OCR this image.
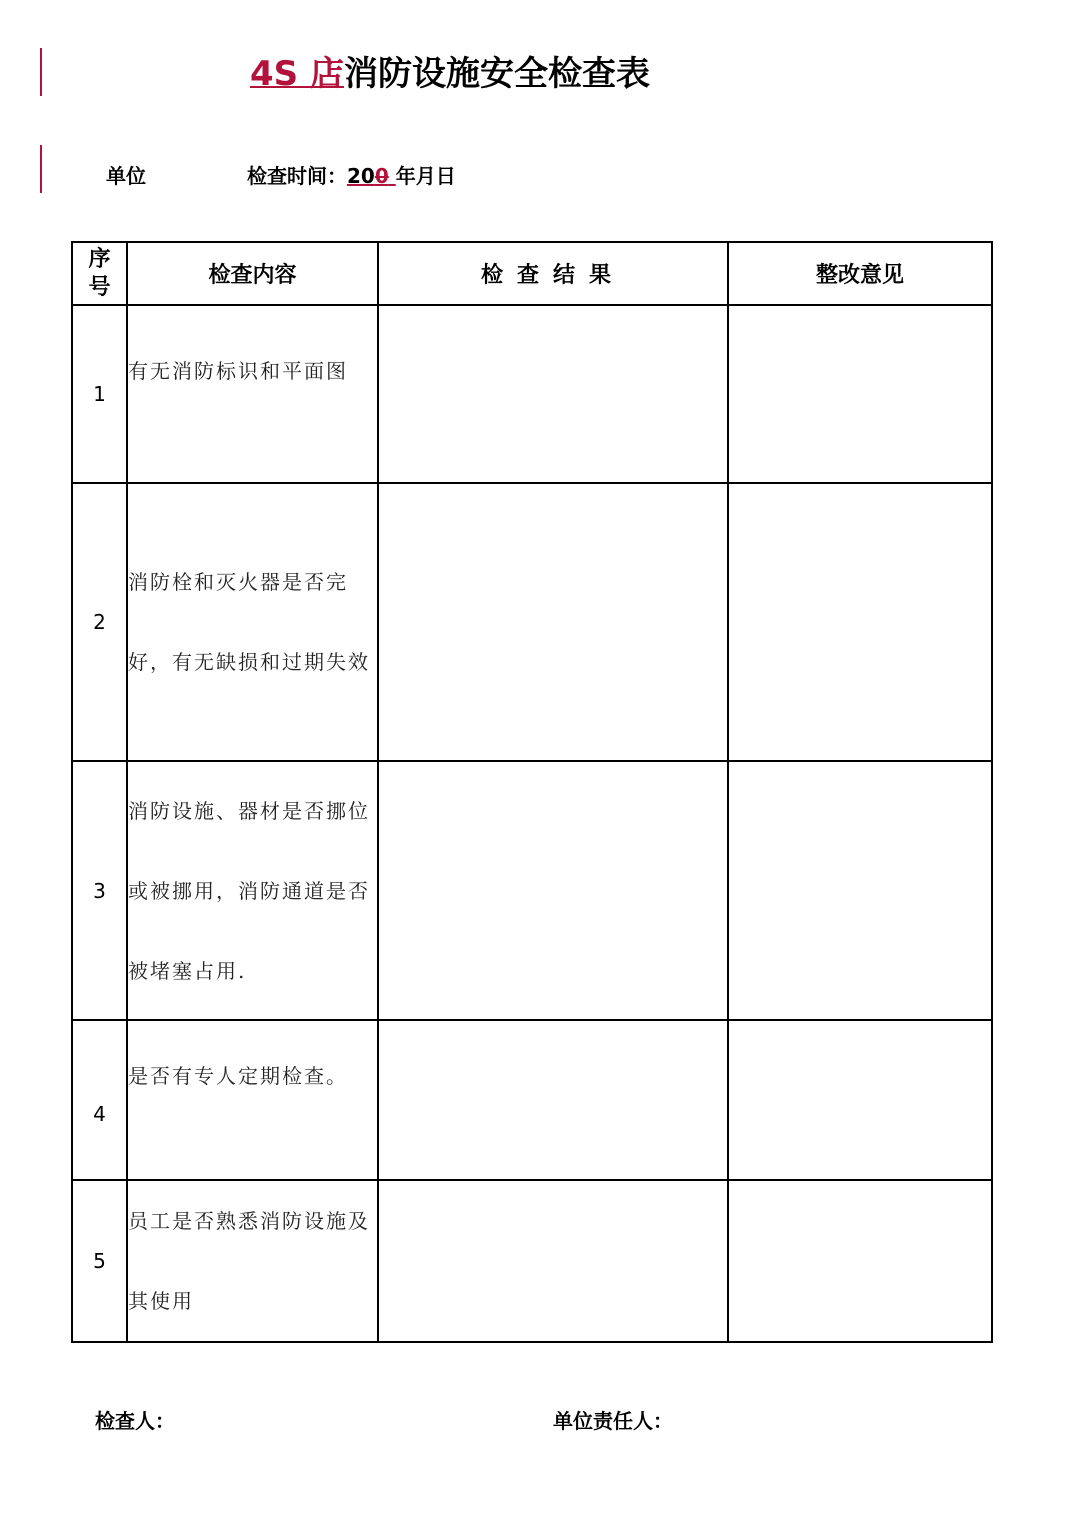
4S 店消防设施安全检查表
单位	检查时间：200 年月日
序号	检查内容	检查结果	整改意见
1	有无消防标识和平面图		
2	消防栓和灭火器是否完好，有无缺损和过期失效		
3	消防设施、器材是否挪位或被挪用，消防通道是否被堵塞占用.		
4	是否有专人定期检查。		
5	员工是否熟悉消防设施及其使用		
检查人：	单位责任人：
